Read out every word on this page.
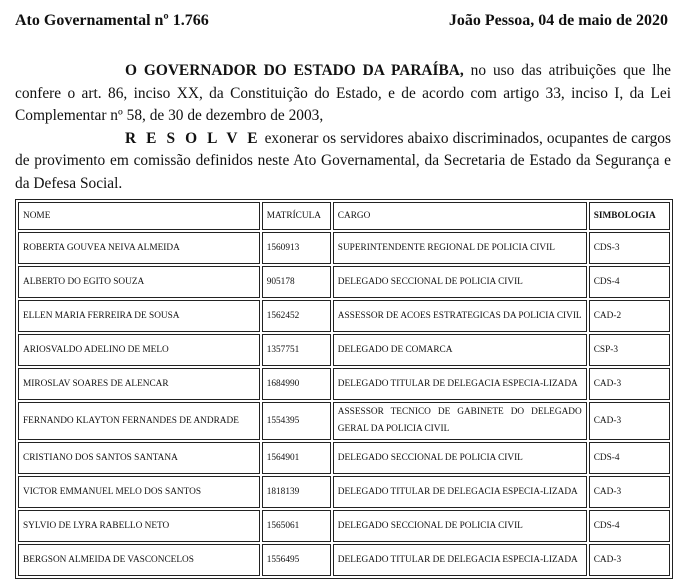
Ato Governamental nº 1.766	João Pessoa, 04 de maio de 2020

O GOVERNADOR DO ESTADO DA PARAÍBA, no uso das atribuições que lhe confere o art. 86, inciso XX, da Constituição do Estado, e de acordo com artigo 33, inciso I, da Lei Complementar nº 58, de 30 de dezembro de 2003,

R E S O L V E exonerar os servidores abaixo discriminados, ocupantes de cargos de provimento em comissão definidos neste Ato Governamental, da Secretaria de Estado da Segurança e da Defesa Social.

NOME	MATRÍCULA	CARGO	SIMBOLOGIA
ROBERTA GOUVEA NEIVA ALMEIDA	1560913	SUPERINTENDENTE REGIONAL DE POLICIA CIVIL	CDS-3
ALBERTO DO EGITO SOUZA	905178	DELEGADO SECCIONAL DE POLICIA CIVIL	CDS-4
ELLEN MARIA FERREIRA DE SOUSA	1562452	ASSESSOR DE ACOES ESTRATEGICAS DA POLICIA CIVIL	CAD-2
ARIOSVALDO ADELINO DE MELO	1357751	DELEGADO DE COMARCA	CSP-3
MIROSLAV SOARES DE ALENCAR	1684990	DELEGADO TITULAR DE DELEGACIA ESPECIA-LIZADA	CAD-3
FERNANDO KLAYTON FERNANDES DE ANDRADE	1554395	ASSESSOR TECNICO DE GABINETE DO DELEGADO GERAL DA POLICIA CIVIL	CAD-3
CRISTIANO DOS SANTOS SANTANA	1564901	DELEGADO SECCIONAL DE POLICIA CIVIL	CDS-4
VICTOR EMMANUEL MELO DOS SANTOS	1818139	DELEGADO TITULAR DE DELEGACIA ESPECIA-LIZADA	CAD-3
SYLVIO DE LYRA RABELLO NETO	1565061	DELEGADO SECCIONAL DE POLICIA CIVIL	CDS-4
BERGSON ALMEIDA DE VASCONCELOS	1556495	DELEGADO TITULAR DE DELEGACIA ESPECIA-LIZADA	CAD-3
